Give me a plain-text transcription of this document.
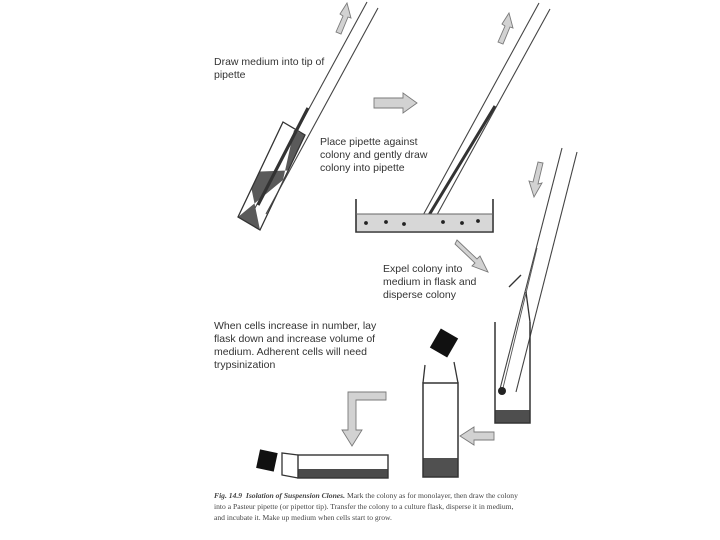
Draw medium into tip of
pipette
Place pipette against
colony and gently draw
colony into pipette
Expel colony into
medium in flask and
disperse colony
When cells increase in number, lay
flask down and increase volume of
medium. Adherent cells will need
trypsinization
Fig. 14.9 Isolation of Suspension Clones. Mark the colony as for monolayer, then draw the colony
into a Pasteur pipette (or pipettor tip). Transfer the colony to a culture flask, disperse it in medium,
and incubate it. Make up medium when cells start to grow.
